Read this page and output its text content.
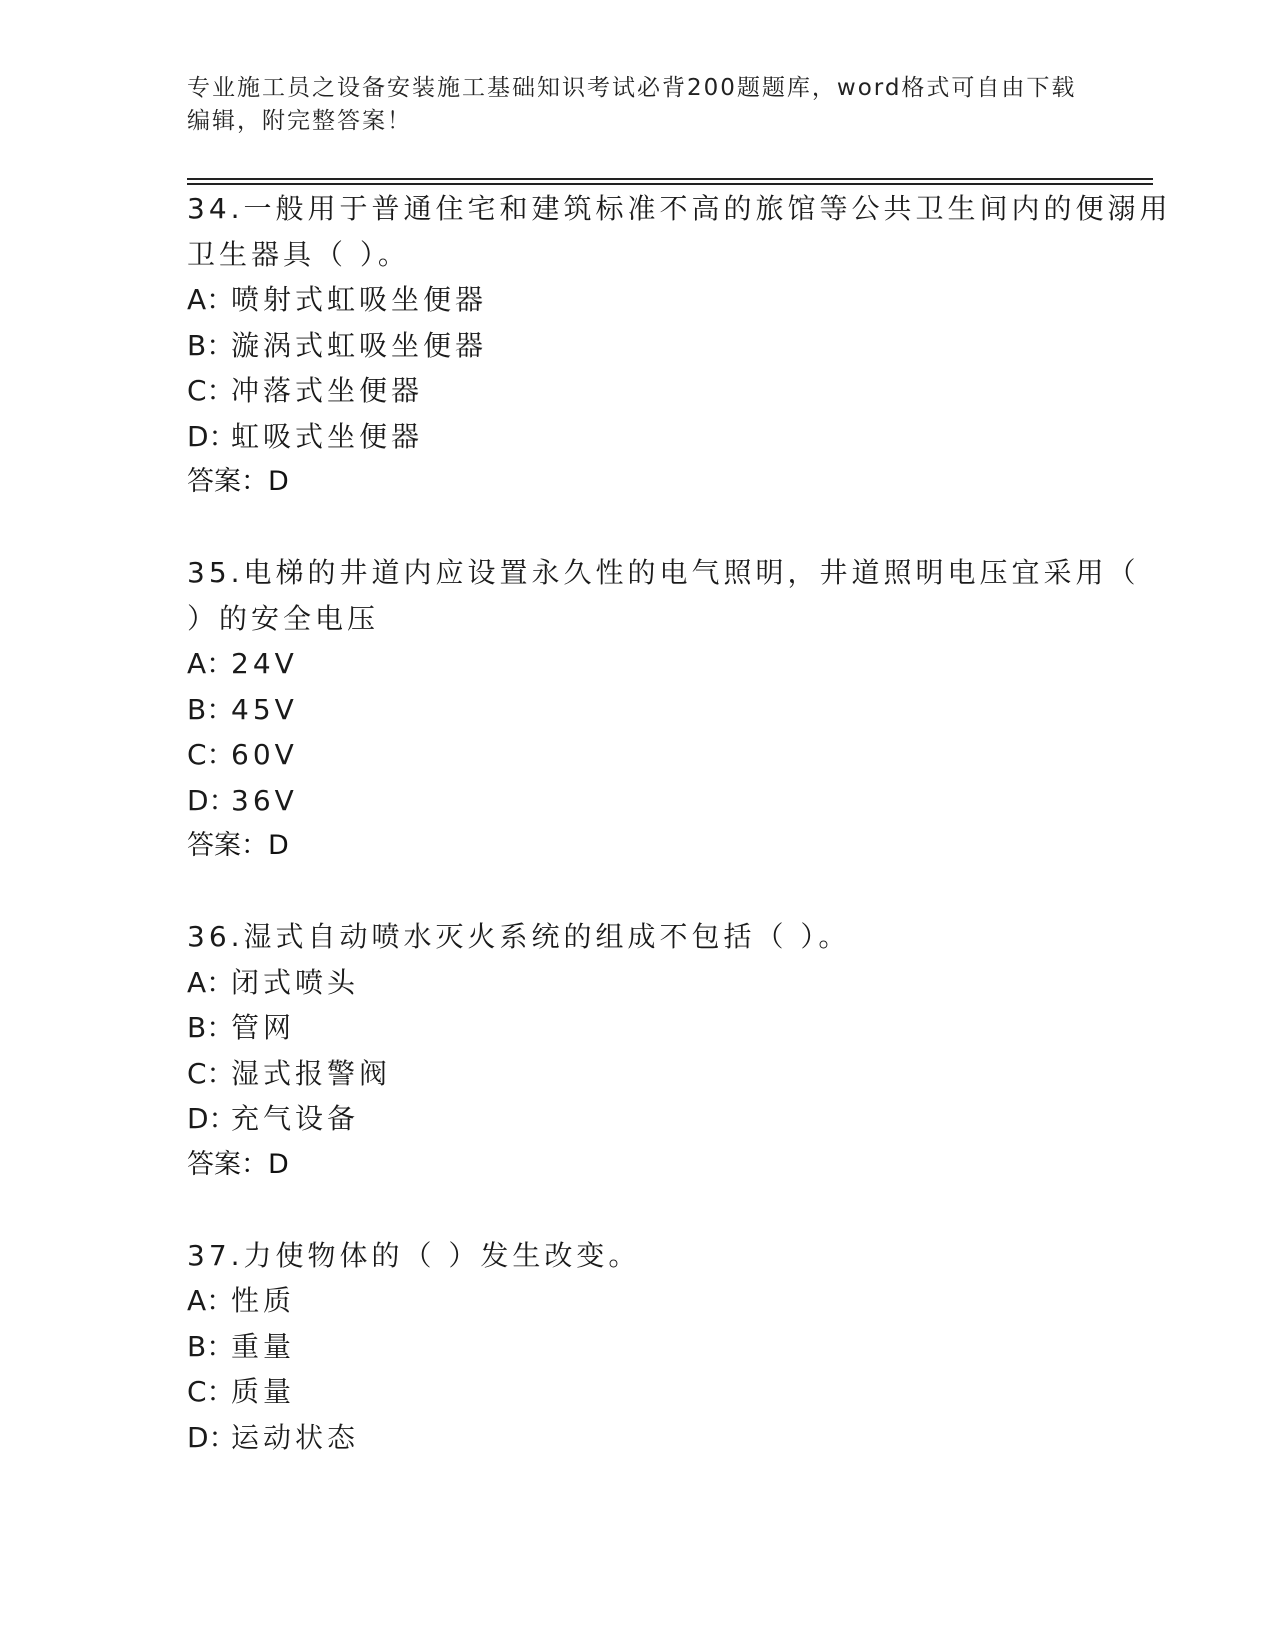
专业施工员之设备安装施工基础知识考试必背200题题库，word格式可自由下载
编辑，附完整答案！
34.一般用于普通住宅和建筑标准不高的旅馆等公共卫生间内的便溺用
卫生器具（ ）。
A：喷射式虹吸坐便器
B：漩涡式虹吸坐便器
C：冲落式坐便器
D：虹吸式坐便器
答案：D
35.电梯的井道内应设置永久性的电气照明，井道照明电压宜采用（
）的安全电压
A：24V
B：45V
C：60V
D：36V
答案：D
36.湿式自动喷水灭火系统的组成不包括（ ）。
A：闭式喷头
B：管网
C：湿式报警阀
D：充气设备
答案：D
37.力使物体的（ ）发生改变。
A：性质
B：重量
C：质量
D：运动状态
